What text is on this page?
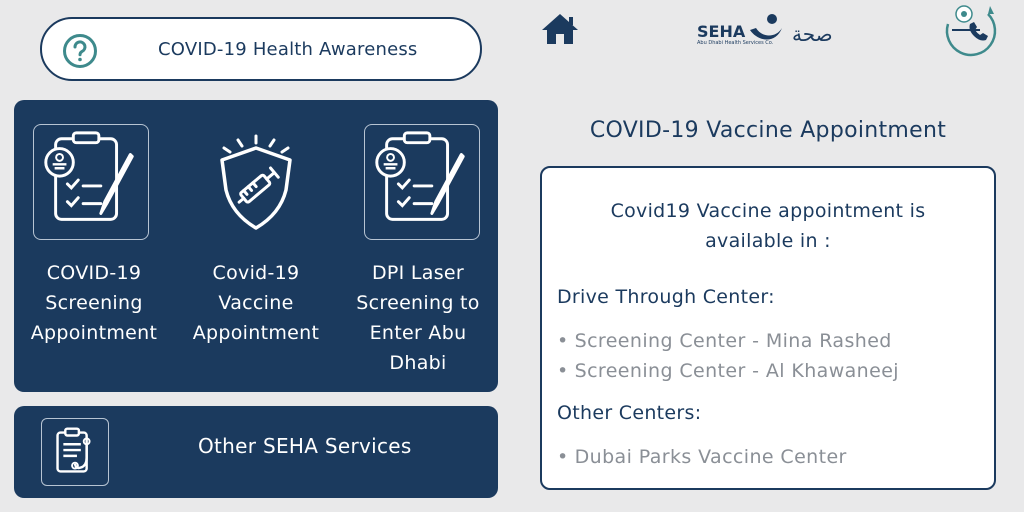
COVID-19 Health Awareness
SEHA
Abu Dhabi Health Services Co. صحة
COVID-19 Screening Appointment
Covid-19 Vaccine Appointment
DPI Laser Screening to Enter Abu Dhabi
Other SEHA Services
COVID-19 Vaccine Appointment
Covid19 Vaccine appointment is
available in :
Drive Through Center:
• Screening Center - Mina Rashed
• Screening Center - Al Khawaneej
Other Centers:
• Dubai Parks Vaccine Center
